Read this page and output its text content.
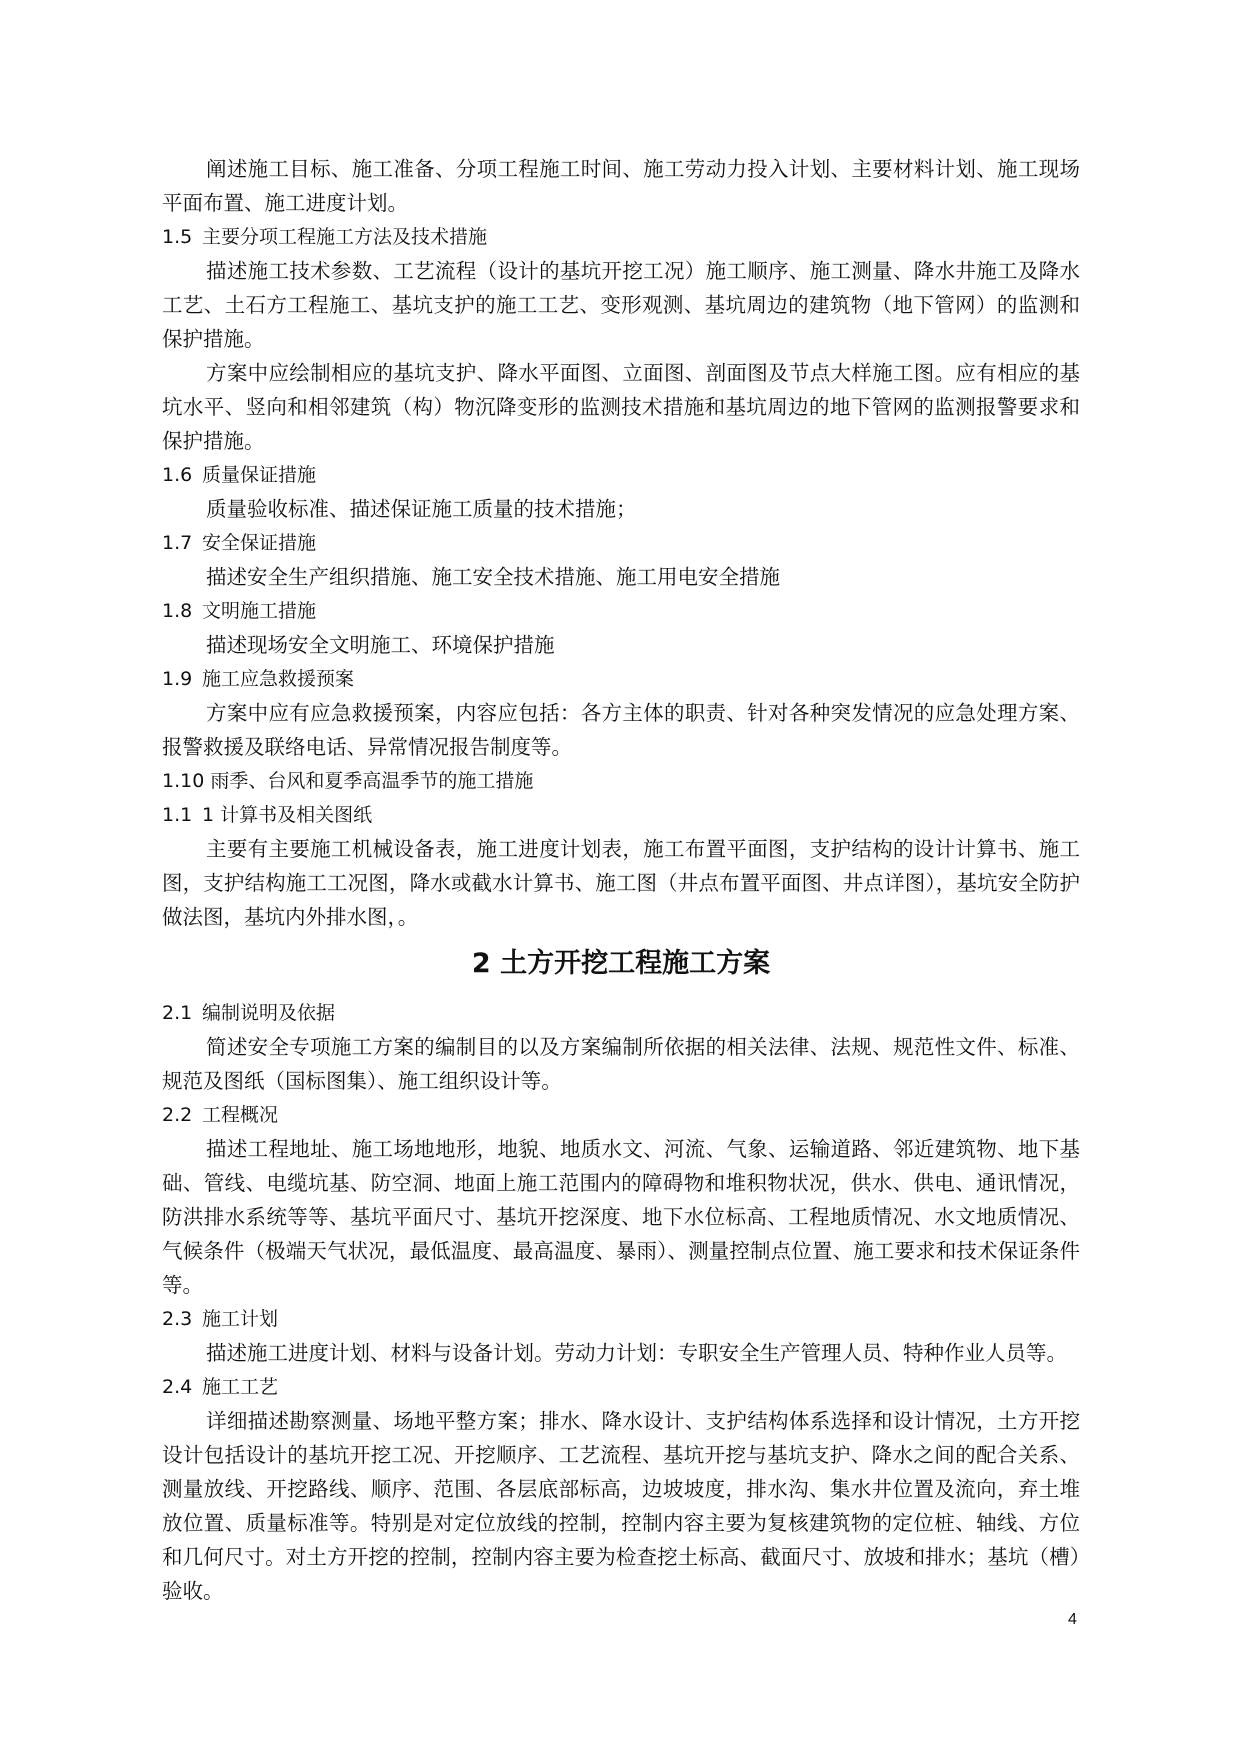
阐述施工目标、施工准备、分项工程施工时间、施工劳动力投入计划、主要材料计划、施工现场平面布置、施工进度计划。

1.5 主要分项工程施工方法及技术措施

描述施工技术参数、工艺流程（设计的基坑开挖工况）施工顺序、施工测量、降水井施工及降水工艺、土石方工程施工、基坑支护的施工工艺、变形观测、基坑周边的建筑物（地下管网）的监测和保护措施。

方案中应绘制相应的基坑支护、降水平面图、立面图、剖面图及节点大样施工图。应有相应的基坑水平、竖向和相邻建筑（构）物沉降变形的监测技术措施和基坑周边的地下管网的监测报警要求和保护措施。

1.6 质量保证措施

质量验收标准、描述保证施工质量的技术措施；

1.7 安全保证措施

描述安全生产组织措施、施工安全技术措施、施工用电安全措施

1.8 文明施工措施

描述现场安全文明施工、环境保护措施

1.9 施工应急救援预案

方案中应有应急救援预案，内容应包括：各方主体的职责、针对各种突发情况的应急处理方案、报警救援及联络电话、异常情况报告制度等。

1.10 雨季、台风和夏季高温季节的施工措施
1.1 1 计算书及相关图纸

主要有主要施工机械设备表，施工进度计划表，施工布置平面图，支护结构的设计计算书、施工图，支护结构施工工况图，降水或截水计算书、施工图（井点布置平面图、井点详图），基坑安全防护做法图，基坑内外排水图，。

2 土方开挖工程施工方案
2.1 编制说明及依据

简述安全专项施工方案的编制目的以及方案编制所依据的相关法律、法规、规范性文件、标准、规范及图纸（国标图集）、施工组织设计等。

2.2 工程概况

描述工程地址、施工场地地形，地貌、地质水文、河流、气象、运输道路、邻近建筑物、地下基础、管线、电缆坑基、防空洞、地面上施工范围内的障碍物和堆积物状况，供水、供电、通讯情况，防洪排水系统等等、基坑平面尺寸、基坑开挖深度、地下水位标高、工程地质情况、水文地质情况、气候条件（极端天气状况，最低温度、最高温度、暴雨）、测量控制点位置、施工要求和技术保证条件等。

2.3 施工计划

描述施工进度计划、材料与设备计划。劳动力计划：专职安全生产管理人员、特种作业人员等。

2.4 施工工艺

详细描述勘察测量、场地平整方案；排水、降水设计、支护结构体系选择和设计情况，土方开挖设计包括设计的基坑开挖工况、开挖顺序、工艺流程、基坑开挖与基坑支护、降水之间的配合关系、测量放线、开挖路线、顺序、范围、各层底部标高，边坡坡度，排水沟、集水井位置及流向，弃土堆放位置、质量标准等。特别是对定位放线的控制，控制内容主要为复核建筑物的定位桩、轴线、方位和几何尺寸。对土方开挖的控制，控制内容主要为检查挖土标高、截面尺寸、放坡和排水；基坑（槽）验收。

4
